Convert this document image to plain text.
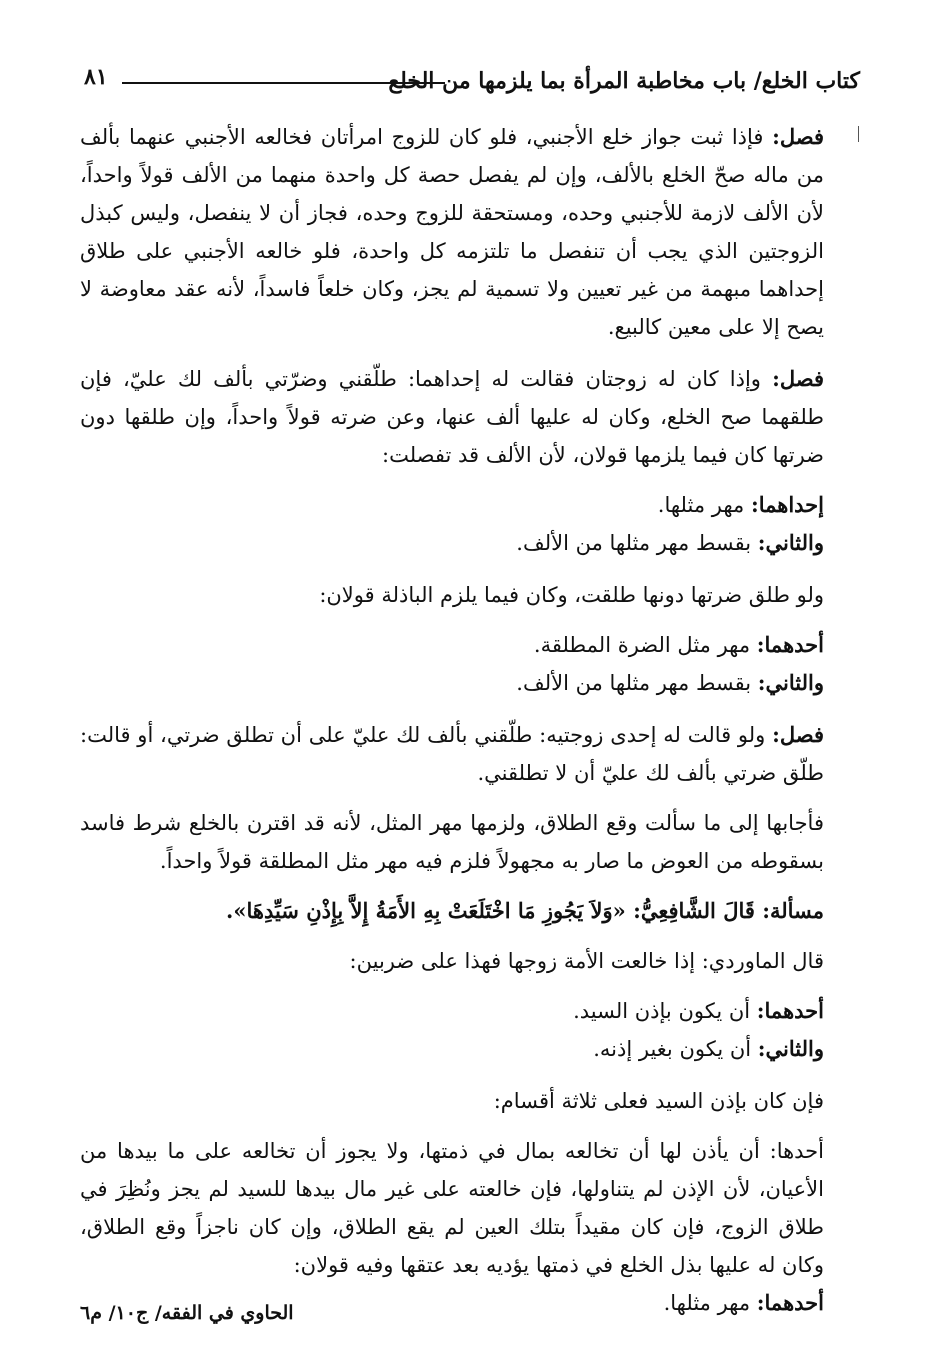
كتاب الخلع/ باب مخاطبة المرأة بما يلزمها من الخلع
٨١

فصل: فإذا ثبت جواز خلع الأجنبي، فلو كان للزوج امرأتان فخالعه الأجنبي عنهما بألف من ماله صحّ الخلع بالألف، وإن لم يفصل حصة كل واحدة منهما من الألف قولاً واحداً، لأن الألف لازمة للأجنبي وحده، ومستحقة للزوج وحده، فجاز أن لا ينفصل، وليس كبذل الزوجتين الذي يجب أن تنفصل ما تلتزمه كل واحدة، فلو خالعه الأجنبي على طلاق إحداهما مبهمة من غير تعيين ولا تسمية لم يجز، وكان خلعاً فاسداً، لأنه عقد معاوضة لا يصح إلا على معين كالبيع.

فصل: وإذا كان له زوجتان فقالت له إحداهما: طلّقني وضرّتي بألف لك عليّ، فإن طلقهما صح الخلع، وكان له عليها ألف عنها، وعن ضرته قولاً واحداً، وإن طلقها دون ضرتها كان فيما يلزمها قولان، لأن الألف قد تفصلت:

إحداهما: مهر مثلها.

والثاني: بقسط مهر مثلها من الألف.

ولو طلق ضرتها دونها طلقت، وكان فيما يلزم الباذلة قولان:

أحدهما: مهر مثل الضرة المطلقة.

والثاني: بقسط مهر مثلها من الألف.

فصل: ولو قالت له إحدى زوجتيه: طلّقني بألف لك عليّ على أن تطلق ضرتي، أو قالت: طلّق ضرتي بألف لك عليّ أن لا تطلقني.

فأجابها إلى ما سألت وقع الطلاق، ولزمها مهر المثل، لأنه قد اقترن بالخلع شرط فاسد بسقوطه من العوض ما صار به مجهولاً فلزم فيه مهر مثل المطلقة قولاً واحداً.

مسألة: قَالَ الشَّافِعِيُّ: «وَلاَ يَجُوزِ مَا اخْتَلَعَتْ بِهِ الأَمَةُ إِلاَّ بِإِذْنِ سَيِّدِهَا».

قال الماوردي: إذا خالعت الأمة زوجها فهذا على ضربين:

أحدهما: أن يكون بإذن السيد.

والثاني: أن يكون بغير إذنه.

فإن كان بإذن السيد فعلى ثلاثة أقسام:

أحدها: أن يأذن لها أن تخالعه بمال في ذمتها، ولا يجوز أن تخالعه على ما بيدها من الأعيان، لأن الإذن لم يتناولها، فإن خالعته على غير مال بيدها للسيد لم يجز ونُظِرَ في طلاق الزوج، فإن كان مقيداً بتلك العين لم يقع الطلاق، وإن كان ناجزاً وقع الطلاق، وكان له عليها بذل الخلع في ذمتها يؤديه بعد عتقها وفيه قولان:

أحدهما: مهر مثلها.
الحاوي في الفقه/ ج١٠/ م٦
